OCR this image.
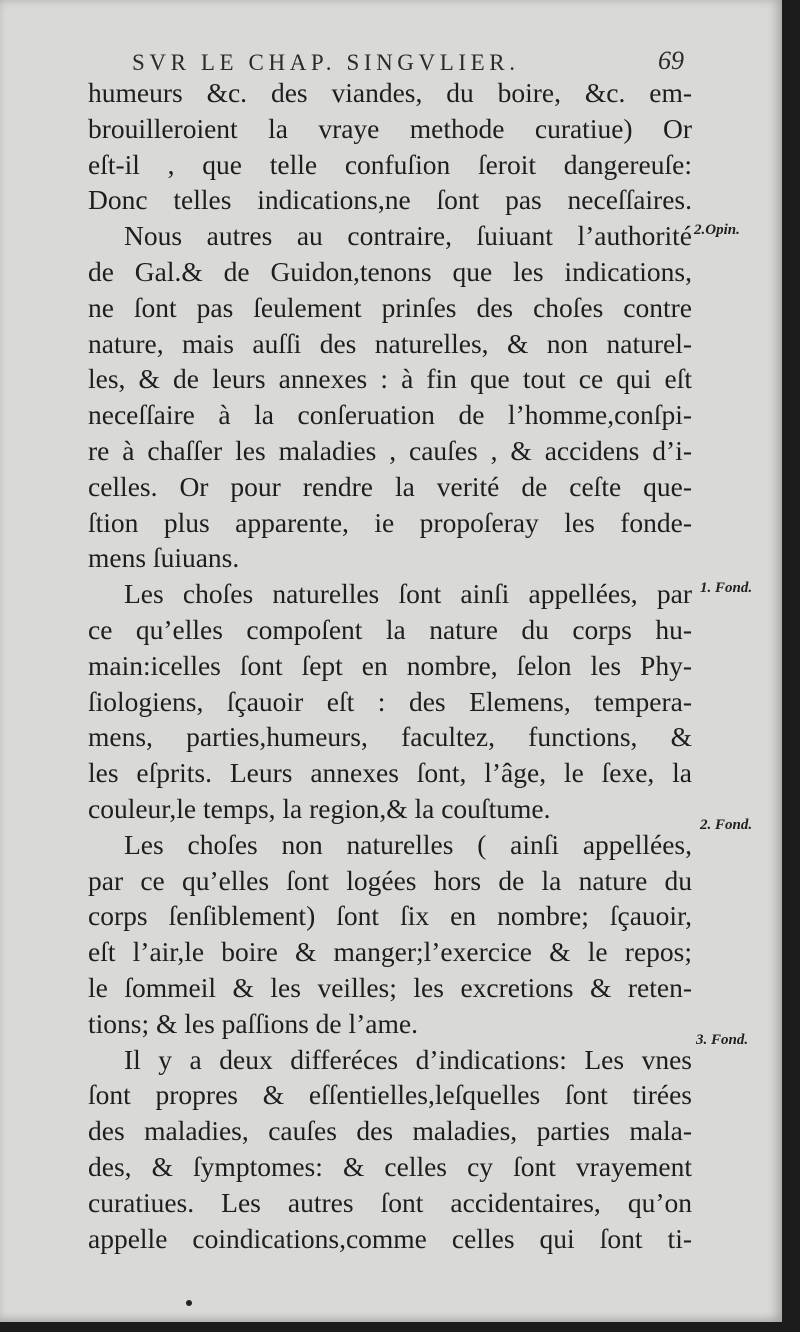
SVR LE CHAP. SINGVLIER.	69
humeurs &c. des viandes, du boire, &c. em-
brouilleroient la vraye methode curatiue) Or
eſt-il , que telle confuſion ſeroit dangereuſe:
Donc telles indications,ne ſont pas neceſſaires.
Nous autres au contraire, ſuiuant l’authorité
de Gal.& de Guidon,tenons que les indications,
ne ſont pas ſeulement prinſes des choſes contre
nature, mais auſſi des naturelles, & non naturel-
les, & de leurs annexes : à fin que tout ce qui eſt
neceſſaire à la conſeruation de l’homme,conſpi-
re à chaſſer les maladies , cauſes , & accidens d’i-
celles. Or pour rendre la verité de ceſte que-
ſtion plus apparente, ie propoſeray les fonde-
mens ſuiuans.
Les choſes naturelles ſont ainſi appellées, par
ce qu’elles compoſent la nature du corps hu-
main:icelles ſont ſept en nombre, ſelon les Phy-
ſiologiens, ſçauoir eſt : des Elemens, tempera-
mens, parties,humeurs, facultez, functions, &
les eſprits. Leurs annexes ſont, l’âge, le ſexe, la
couleur,le temps, la region,& la couſtume.
Les choſes non naturelles ( ainſi appellées,
par ce qu’elles ſont logées hors de la nature du
corps ſenſiblement) ſont ſix en nombre; ſçauoir,
eſt l’air,le boire & manger;l’exercice & le repos;
le ſommeil & les veilles; les excretions & reten-
tions; & les paſſions de l’ame.
Il y a deux differéces d’indications: Les vnes
ſont propres & eſſentielles,leſquelles ſont tirées
des maladies, cauſes des maladies, parties mala-
des, & ſymptomes: & celles cy ſont vrayement
curatiues. Les autres ſont accidentaires, qu’on
appelle coindications,comme celles qui ſont ti-
2.Opin.
1. Fond.
2. Fond.
3. Fond.
